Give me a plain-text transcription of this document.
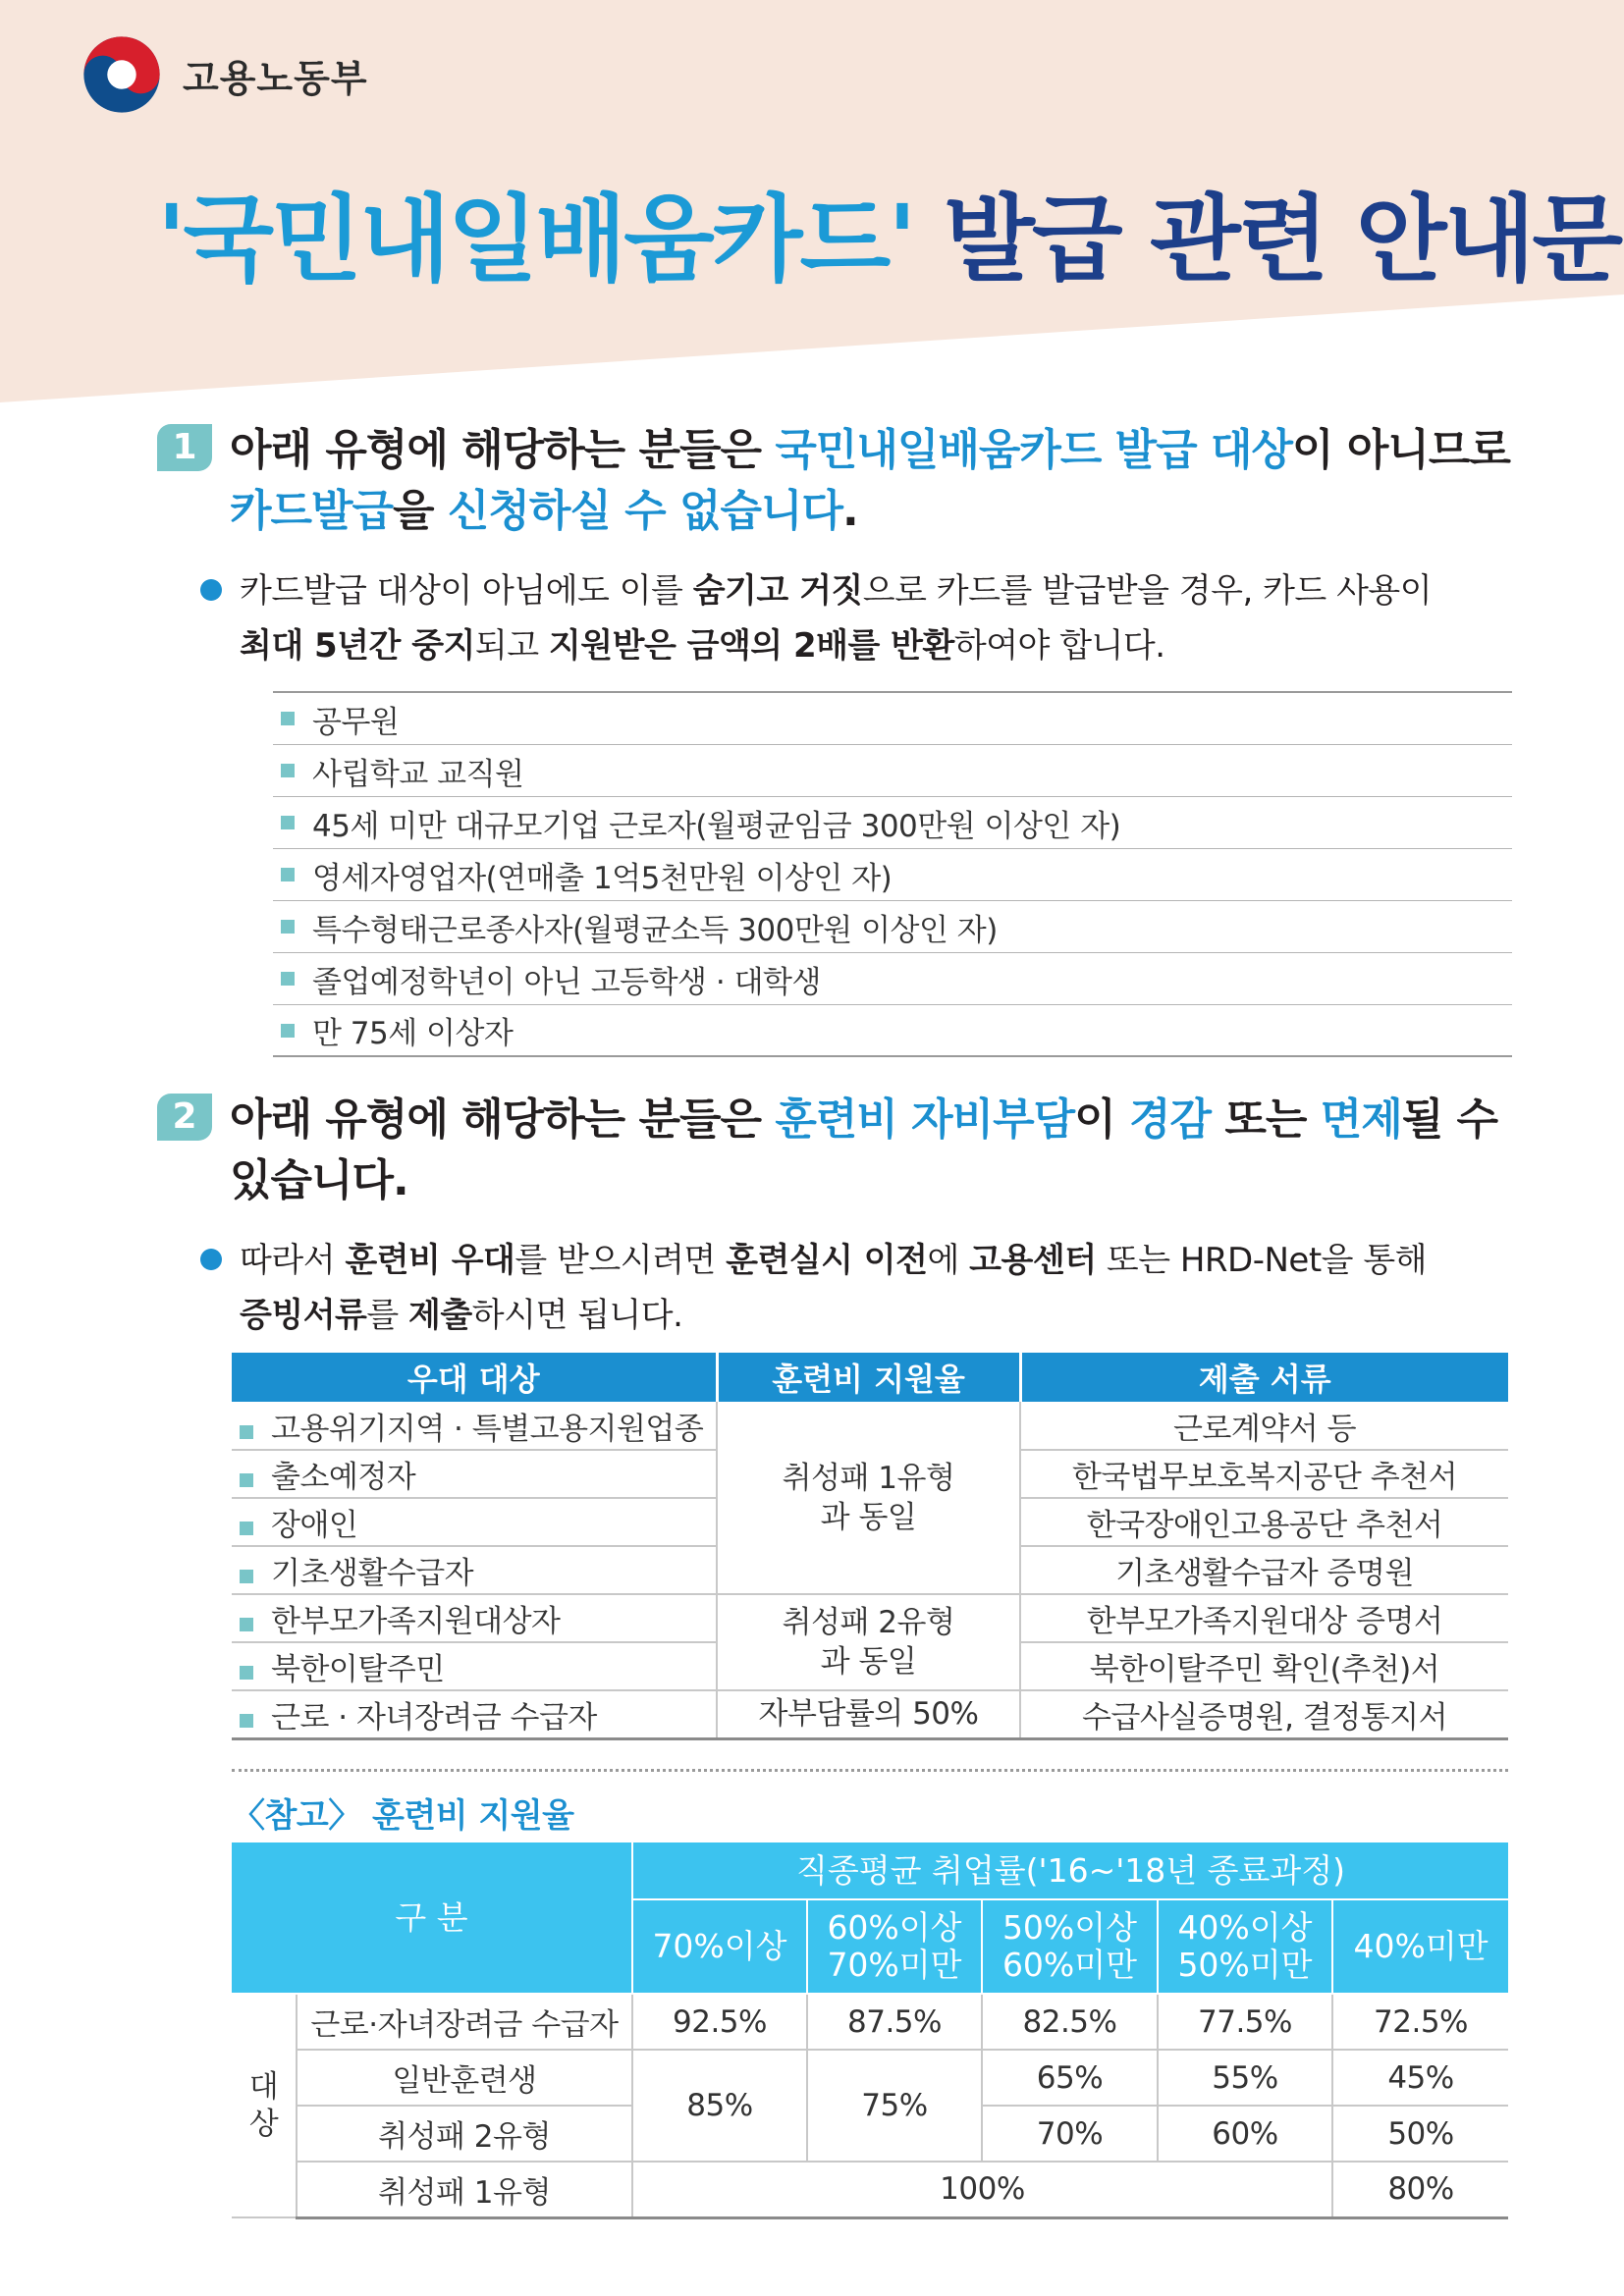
고용노동부
'국민내일배움카드' 발급 관련 안내문
1 아래 유형에 해당하는 분들은 국민내일배움카드 발급 대상이 아니므로
카드발급을 신청하실 수 없습니다.
카드발급 대상이 아님에도 이를 숨기고 거짓으로 카드를 발급받을 경우, 카드 사용이
최대 5년간 중지되고 지원받은 금액의 2배를 반환하여야 합니다.
공무원
사립학교 교직원
45세 미만 대규모기업 근로자(월평균임금 300만원 이상인 자)
영세자영업자(연매출 1억5천만원 이상인 자)
특수형태근로종사자(월평균소득 300만원 이상인 자)
졸업예정학년이 아닌 고등학생 · 대학생
만 75세 이상자
2 아래 유형에 해당하는 분들은 훈련비 자비부담이 경감 또는 면제될 수
있습니다.
따라서 훈련비 우대를 받으시려면 훈련실시 이전에 고용센터 또는 HRD-Net을 통해
증빙서류를 제출하시면 됩니다.
우대 대상	훈련비 지원율	제출 서류
고용위기지역 · 특별고용지원업종	취성패 1유형과 동일	근로계약서 등
출소예정자		한국법무보호복지공단 추천서
장애인		한국장애인고용공단 추천서
기초생활수급자		기초생활수급자 증명원
한부모가족지원대상자	취성패 2유형과 동일	한부모가족지원대상 증명서
북한이탈주민		북한이탈주민 확인(추천)서
근로 · 자녀장려금 수급자	자부담률의 50%	수급사실증명원, 결정통지서
〈참고〉 훈련비 지원율
구 분		직종평균 취업률('16~'18년 종료과정)				
		70%이상	60%이상 70%미만	50%이상 60%미만	40%이상 50%미만	40%미만

대상	근로·자녀장려금 수급자	92.5%	87.5%	82.5%	77.5%	72.5%
	일반훈련생	85%	75%	65%	55%	45%
	취성패 2유형			70%	60%	50%
	취성패 1유형	100%				80%
